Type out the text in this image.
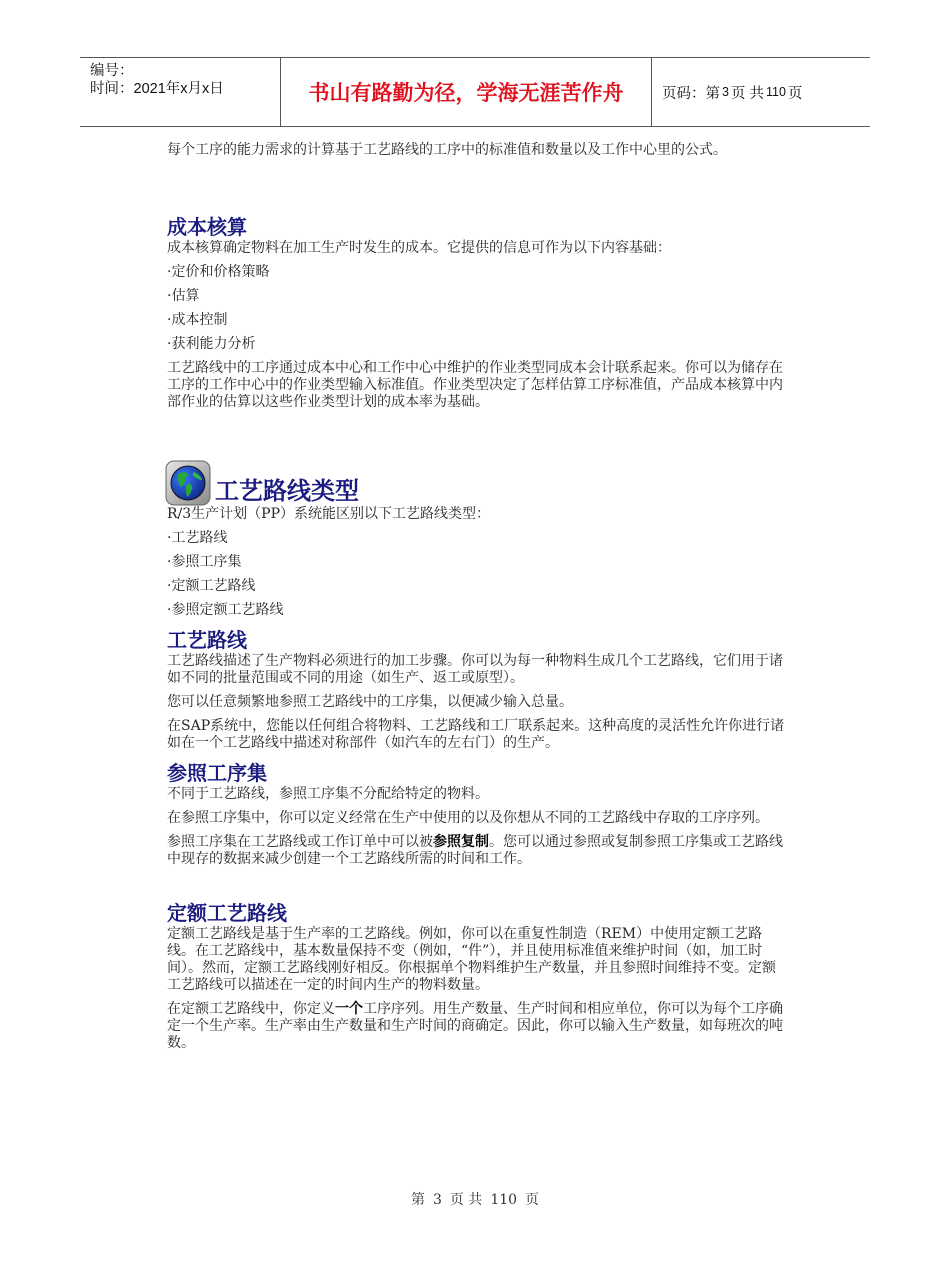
编号：
时间：2021年x月x日	书山有路勤为径，学海无涯苦作舟	页码：第 3 页 共 110 页

每个工序的能力需求的计算基于工艺路线的工序中的标准值和数量以及工作中心里的公式。

成本核算

成本核算确定物料在加工生产时发生的成本。它提供的信息可作为以下内容基础：

·定价和价格策略

·估算

·成本控制

·获利能力分析

工艺路线中的工序通过成本中心和工作中心中维护的作业类型同成本会计联系起来。你可以为储存在工序的工作中心中的作业类型输入标准值。作业类型决定了怎样估算工序标准值，产品成本核算中内部作业的估算以这些作业类型计划的成本率为基础。

工艺路线类型

R/3生产计划（PP）系统能区别以下工艺路线类型：

·工艺路线

·参照工序集

·定额工艺路线

·参照定额工艺路线

工艺路线

工艺路线描述了生产物料必须进行的加工步骤。你可以为每一种物料生成几个工艺路线，它们用于诸如不同的批量范围或不同的用途（如生产、返工或原型）。

您可以任意频繁地参照工艺路线中的工序集，以便减少输入总量。

在SAP系统中，您能以任何组合将物料、工艺路线和工厂联系起来。这种高度的灵活性允许你进行诸如在一个工艺路线中描述对称部件（如汽车的左右门）的生产。

参照工序集

不同于工艺路线，参照工序集不分配给特定的物料。

在参照工序集中，你可以定义经常在生产中使用的以及你想从不同的工艺路线中存取的工序序列。

参照工序集在工艺路线或工作订单中可以被参照复制。您可以通过参照或复制参照工序集或工艺路线中现存的数据来减少创建一个工艺路线所需的时间和工作。

定额工艺路线

定额工艺路线是基于生产率的工艺路线。例如，你可以在重复性制造（REM）中使用定额工艺路线。在工艺路线中，基本数量保持不变（例如，“件”），并且使用标准值来维护时间（如，加工时间）。然而，定额工艺路线刚好相反。你根据单个物料维护生产数量，并且参照时间维持不变。定额工艺路线可以描述在一定的时间内生产的物料数量。

在定额工艺路线中，你定义一个工序序列。用生产数量、生产时间和相应单位，你可以为每个工序确定一个生产率。生产率由生产数量和生产时间的商确定。因此，你可以输入生产数量，如每班次的吨数。

第 3 页 共 110 页
